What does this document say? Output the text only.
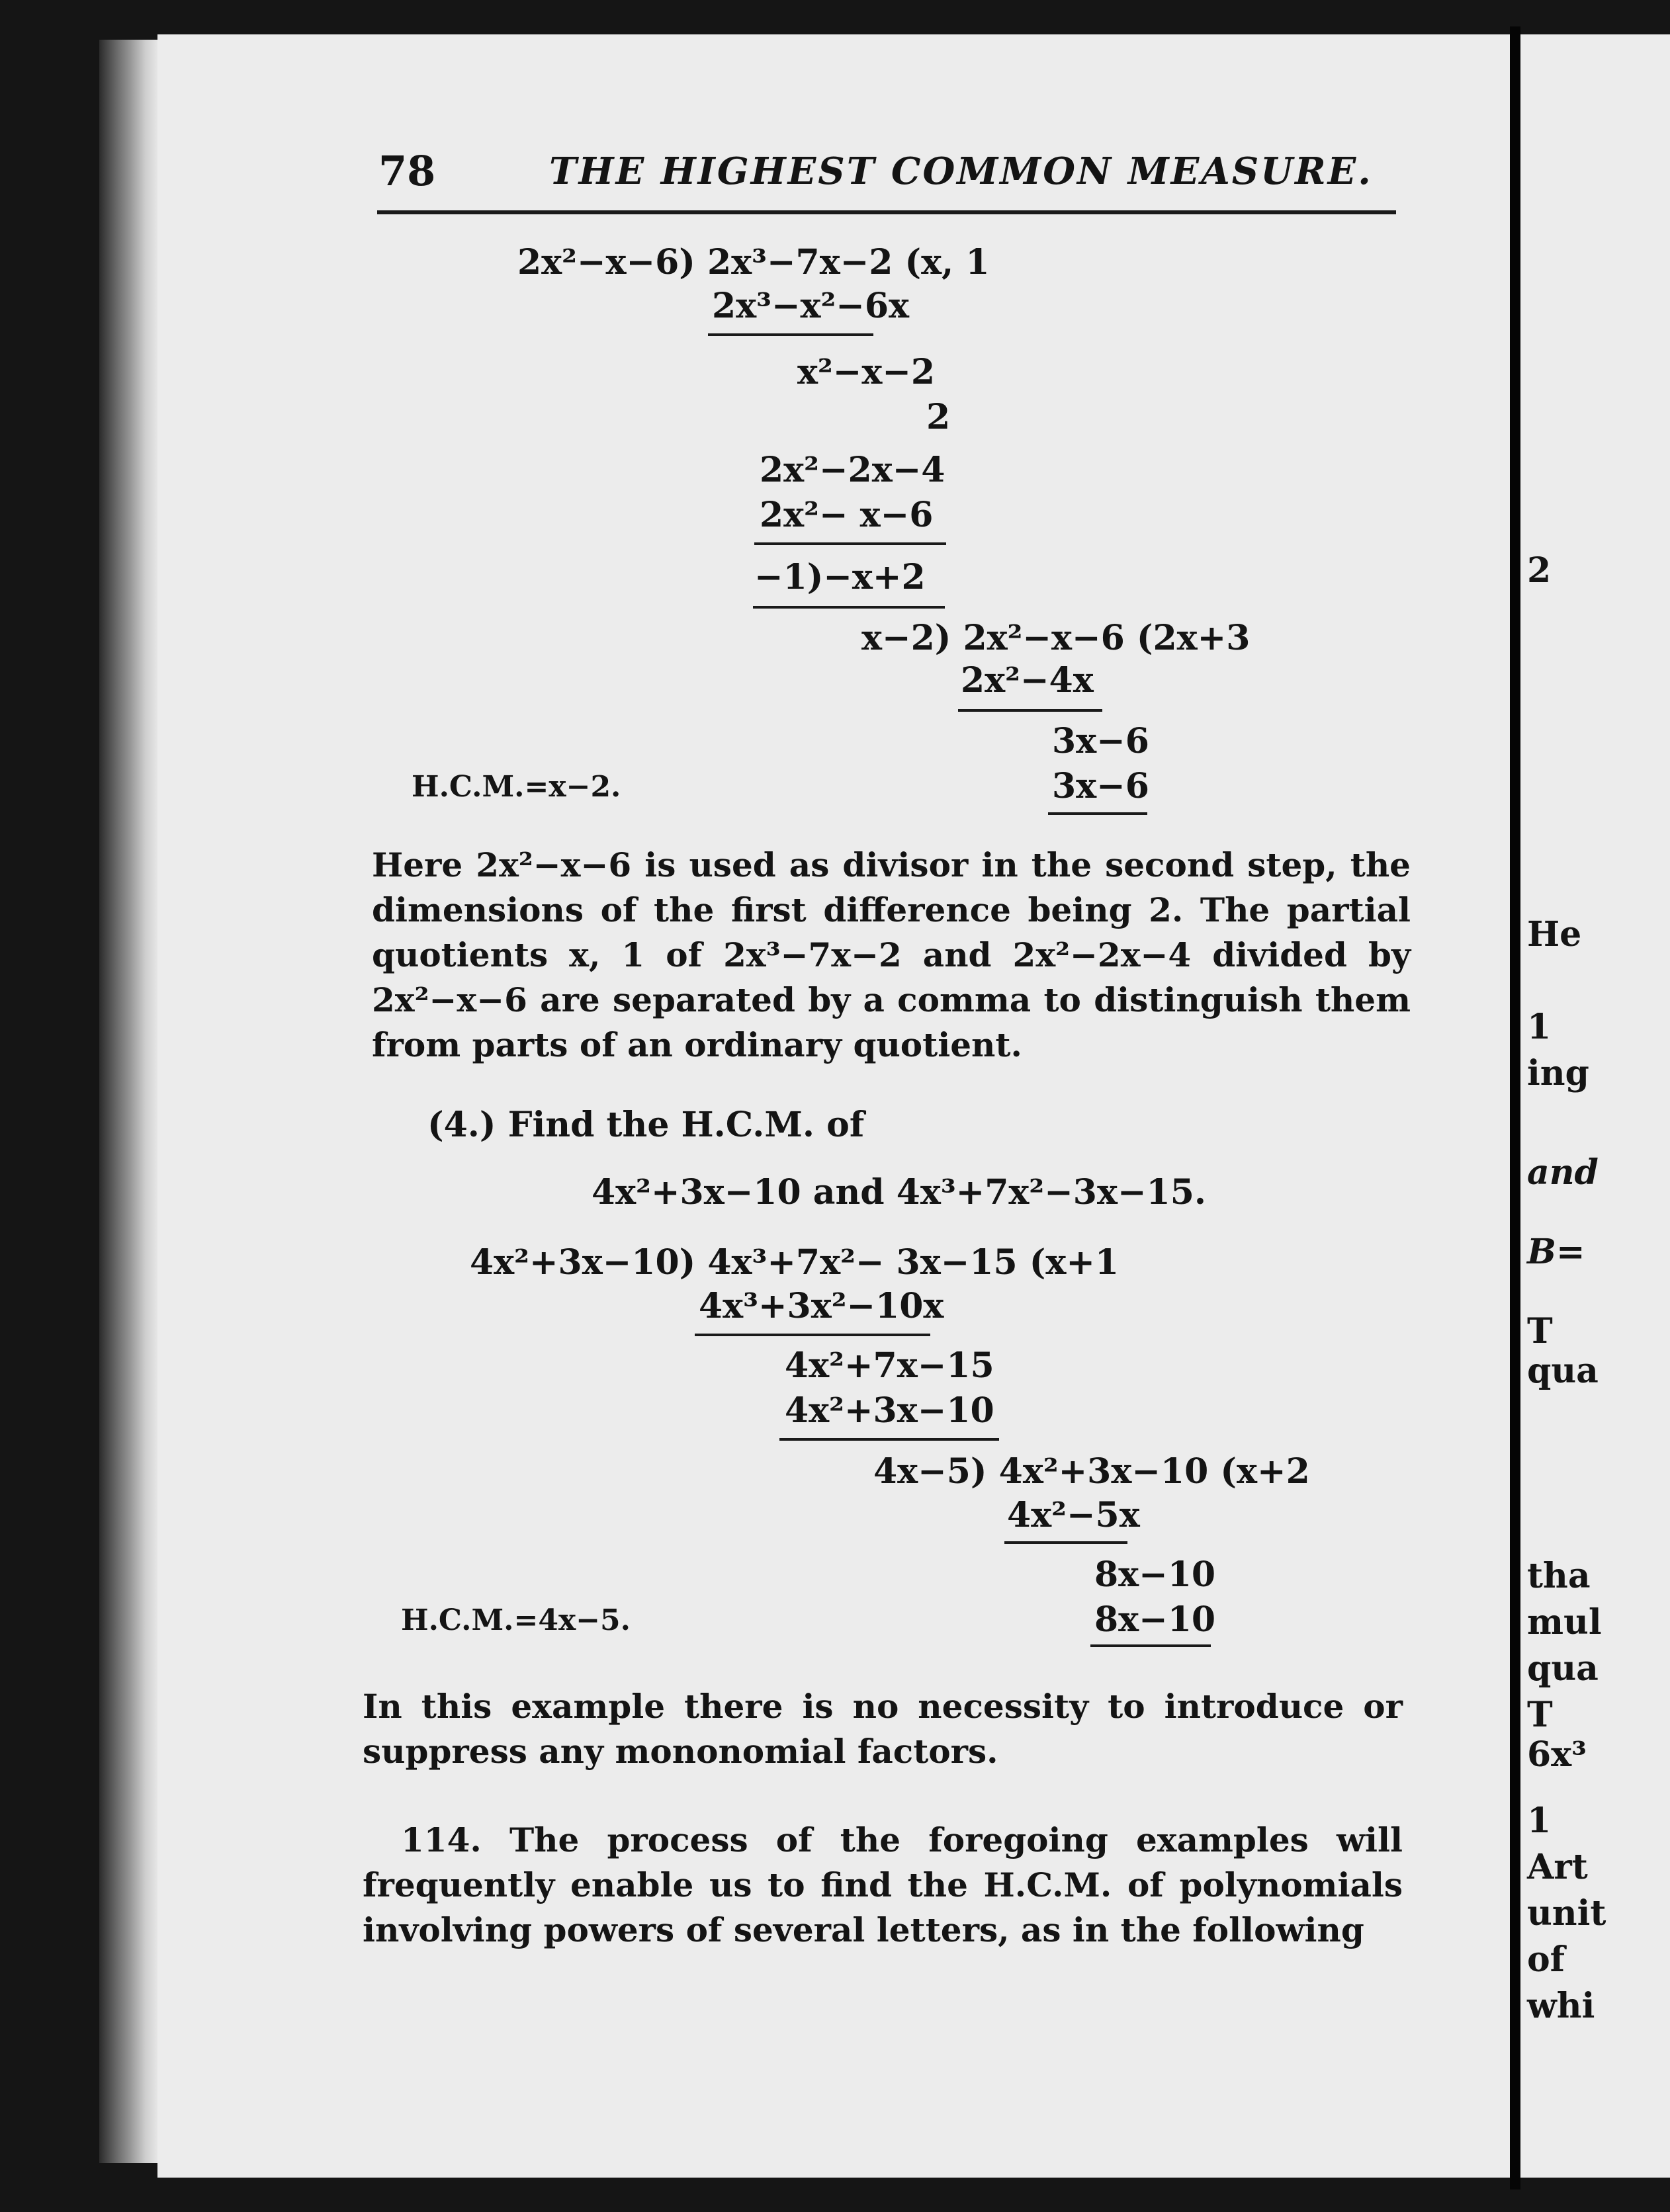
2
He
1
ing
and
B=
T
qua
tha
mul
qua
T
6x³
1
Art
unit
of
whi
78	THE HIGHEST COMMON MEASURE.
2x²−x−6) 2x³−7x−2 (x, 1
2x³−x²−6x
x²−x−2
2
2x²−2x−4
2x²− x−6
−1)−x+2
x−2) 2x²−x−6 (2x+3
2x²−4x
3x−6
3x−6
H.C.M.=x−2.
Here 2x²−x−6 is used as divisor in the second step, the dimensions of the first difference being 2. The partial quotients x, 1 of 2x³−7x−2 and 2x²−2x−4 divided by 2x²−x−6 are separated by a comma to distinguish them from parts of an ordinary quotient.
(4.) Find the H.C.M. of
4x²+3x−10 and 4x³+7x²−3x−15.
4x²+3x−10) 4x³+7x²− 3x−15 (x+1
4x³+3x²−10x
4x²+7x−15
4x²+3x−10
4x−5) 4x²+3x−10 (x+2
4x²−5x
8x−10
8x−10
H.C.M.=4x−5.
In this example there is no necessity to introduce or suppress any mononomial factors.
114. The process of the foregoing examples will frequently enable us to find the H.C.M. of polynomials involving powers of several letters, as in the following
